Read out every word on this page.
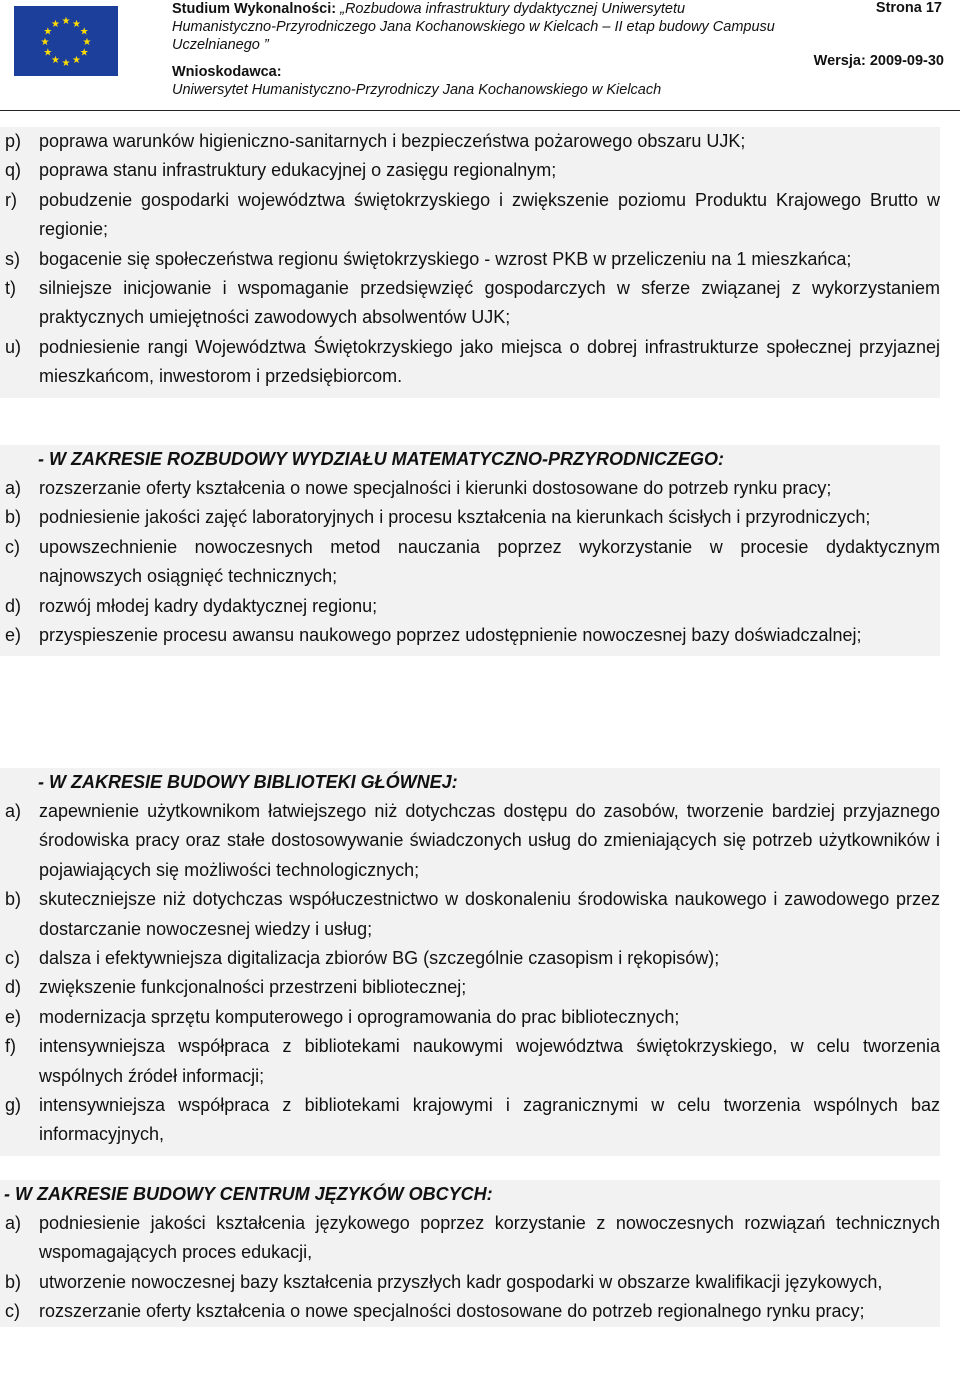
★ ★
★
★
★
★
★
★
★
★
★
★
Studium Wykonalności: „Rozbudowa infrastruktury dydaktycznej Uniwersytetu Humanistyczno-Przyrodniczego Jana Kochanowskiego w Kielcach – II etap budowy Campusu Uczelnianego ”
Strona 17
Wnioskodawca:
Uniwersytet Humanistyczno-Przyrodniczy Jana Kochanowskiego w Kielcach
Wersja: 2009-09-30
p) poprawa warunków higieniczno-sanitarnych i bezpieczeństwa pożarowego obszaru UJK;
q) poprawa stanu infrastruktury edukacyjnej o zasięgu regionalnym;
r) pobudzenie gospodarki województwa świętokrzyskiego i zwiększenie poziomu Produktu Krajowego Brutto w regionie;
s) bogacenie się społeczeństwa regionu świętokrzyskiego - wzrost PKB w przeliczeniu na 1 mieszkańca;
t) silniejsze inicjowanie i wspomaganie przedsięwzięć gospodarczych w sferze związanej z wykorzystaniem praktycznych umiejętności zawodowych absolwentów UJK;
u) podniesienie rangi Województwa Świętokrzyskiego jako miejsca o dobrej infrastrukturze społecznej przyjaznej mieszkańcom, inwestorom i przedsiębiorcom.
- W ZAKRESIE ROZBUDOWY WYDZIAŁU MATEMATYCZNO-PRZYRODNICZEGO:
a) rozszerzanie oferty kształcenia o nowe specjalności i kierunki dostosowane do potrzeb rynku pracy;
b) podniesienie jakości zajęć laboratoryjnych i procesu kształcenia na kierunkach ścisłych i przyrodniczych;
c) upowszechnienie nowoczesnych metod nauczania poprzez wykorzystanie w procesie dydaktycznym najnowszych osiągnięć technicznych;
d) rozwój młodej kadry dydaktycznej regionu;
e) przyspieszenie procesu awansu naukowego poprzez udostępnienie nowoczesnej bazy doświadczalnej;
- W ZAKRESIE BUDOWY BIBLIOTEKI GŁÓWNEJ:
a) zapewnienie użytkownikom łatwiejszego niż dotychczas dostępu do zasobów, tworzenie bardziej przyjaznego środowiska pracy oraz stałe dostosowywanie świadczonych usług do zmieniających się potrzeb użytkowników i pojawiających się możliwości technologicznych;
b) skuteczniejsze niż dotychczas współuczestnictwo w doskonaleniu środowiska naukowego i zawodowego przez dostarczanie nowoczesnej wiedzy i usług;
c) dalsza i efektywniejsza digitalizacja zbiorów BG (szczególnie czasopism i rękopisów);
d) zwiększenie funkcjonalności przestrzeni bibliotecznej;
e) modernizacja sprzętu komputerowego i oprogramowania do prac bibliotecznych;
f) intensywniejsza współpraca z bibliotekami naukowymi województwa świętokrzyskiego, w celu tworzenia wspólnych źródeł informacji;
g) intensywniejsza współpraca z bibliotekami krajowymi i zagranicznymi w celu tworzenia wspólnych baz informacyjnych,
- W ZAKRESIE BUDOWY CENTRUM JĘZYKÓW OBCYCH:
a) podniesienie jakości kształcenia językowego poprzez korzystanie z nowoczesnych rozwiązań technicznych wspomagających proces edukacji,
b) utworzenie nowoczesnej bazy kształcenia przyszłych kadr gospodarki w obszarze kwalifikacji językowych,
c) rozszerzanie oferty kształcenia o nowe specjalności dostosowane do potrzeb regionalnego rynku pracy;
